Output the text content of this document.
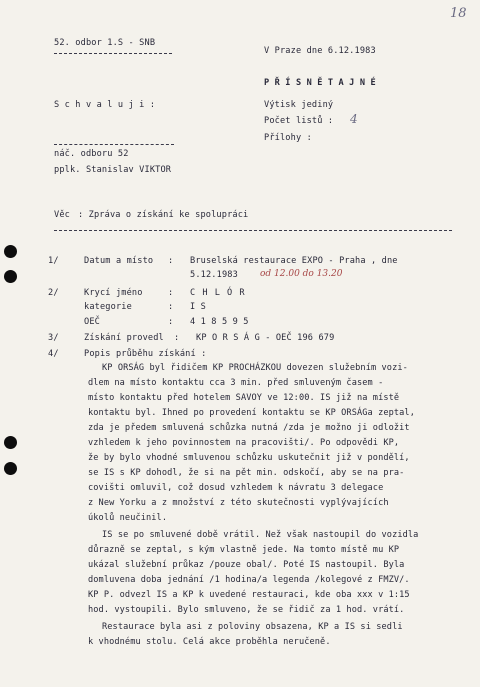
18
52. odbor 1.S - SNB
V Praze dne 6.12.1983
P Ř Í S N Ě T A J N É
Výtisk jediný
Počet listů : 4
Přílohy :
S c h v a l u j i :
náč. odboru 52
pplk. Stanislav VIKTOR
Věc : Zpráva o získání ke spolupráci
1/	Datum a místo : Bruselská restaurace EXPO - Praha , dne
5.12.1983 od 12.00 do 13.20
2/	Krycí jméno	: C H L Ó R
kategorie	: I S
OEČ	: 4 1 8 5 9 5
3/	Získání provedl : KP O R S Á G - OEČ 196 679
4/	Popis průběhu získání :
KP ORSÁG byl řidičem KP PROCHÁZKOU dovezen služebním vozi-
dlem na místo kontaktu cca 3 min. před smluveným časem -
místo kontaktu před hotelem SAVOY ve 12:00. IS již na místě
kontaktu byl. Ihned po provedení kontaktu se KP ORSÁGa zeptal,
zda je předem smluvená schůzka nutná /zda je možno ji odložit
vzhledem k jeho povinnostem na pracovišti/. Po odpovědi KP,
že by bylo vhodné smluvenou schůzku uskutečnit již v pondělí,
se IS s KP dohodl, že si na pět min. odskočí, aby se na pra-
covišti omluvil, což dosud vzhledem k návratu 3 delegace
z New Yorku a z množství z této skutečnosti vyplývajících
úkolů neučinil.
IS se po smluvené době vrátil. Než však nastoupil do vozidla
důrazně se zeptal, s kým vlastně jede. Na tomto místě mu KP
ukázal služební průkaz /pouze obal/. Poté IS nastoupil. Byla
domluvena doba jednání /1 hodina/a legenda /kolegové z FMZV/.
KP P. odvezl IS a KP k uvedené restauraci, kde oba xxx v 1:15
hod. vystoupili. Bylo smluveno, že se řidič za 1 hod. vrátí.
Restaurace byla asi z poloviny obsazena, KP a IS si sedli
k vhodnému stolu. Celá akce proběhla neručeně.
